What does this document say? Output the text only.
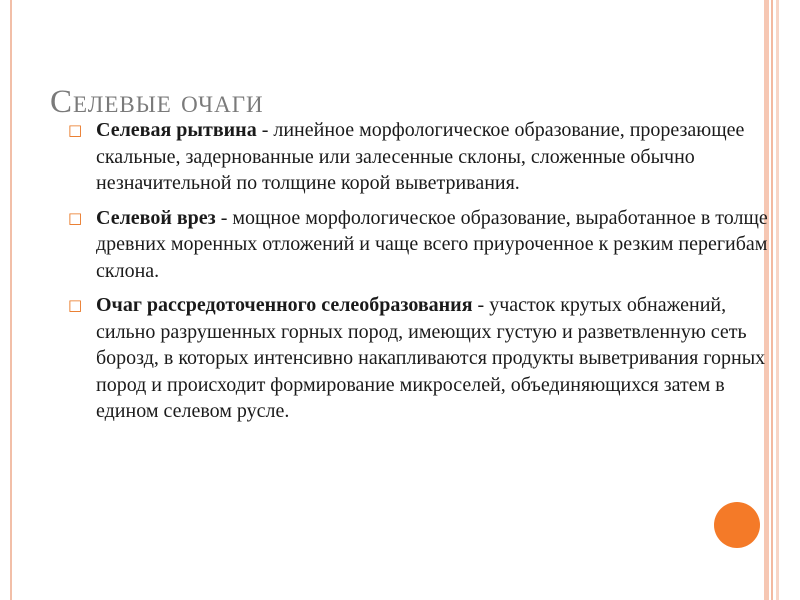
Селевые очаги
□ Селевая рытвина - линейное морфологическое образование, прорезающее скальные, задернованные или залесенные склоны, сложенные обычно незначительной по толщине корой выветривания.
□ Селевой врез - мощное морфологическое образование, выработанное в толще древних моренных отложений и чаще всего приуроченное к резким перегибам склона.
□ Очаг рассредоточенного селеобразования - участок крутых обнажений, сильно разрушенных горных пород, имеющих густую и разветвленную сеть борозд, в которых интенсивно накапливаются продукты выветривания горных пород и происходит формирование микроселей, объединяющихся затем в едином селевом русле.
